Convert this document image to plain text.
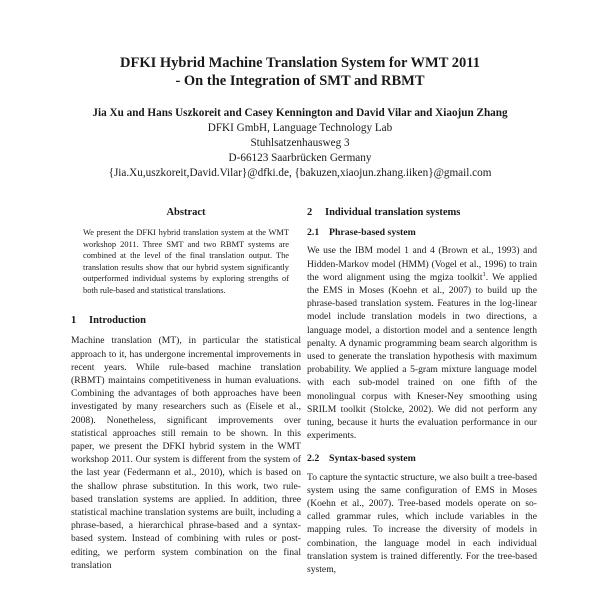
DFKI Hybrid Machine Translation System for WMT 2011
- On the Integration of SMT and RBMT
Jia Xu and Hans Uszkoreit and Casey Kennington and David Vilar and Xiaojun Zhang
DFKI GmbH, Language Technology Lab
Stuhlsatzenhausweg 3
D-66123 Saarbrücken Germany
{Jia.Xu,uszkoreit,David.Vilar}@dfki.de, {bakuzen,xiaojun.zhang.iiken}@gmail.com
Abstract

We present the DFKI hybrid translation system at the WMT workshop 2011. Three SMT and two RBMT systems are combined at the level of the final translation output. The translation results show that our hybrid system significantly outperformed individual systems by exploring strengths of both rule-based and statistical translations.

1 Introduction

Machine translation (MT), in particular the statistical approach to it, has undergone incremental improvements in recent years. While rule-based machine translation (RBMT) maintains competitiveness in human evaluations. Combining the advantages of both approaches have been investigated by many researchers such as (Eisele et al., 2008). Nonetheless, significant improvements over statistical approaches still remain to be shown. In this paper, we present the DFKI hybrid system in the WMT workshop 2011. Our system is different from the system of the last year (Federmann et al., 2010), which is based on the shallow phrase substitution. In this work, two rule-based translation systems are applied. In addition, three statistical machine translation systems are built, including a phrase-based, a hierarchical phrase-based and a syntax-based system. Instead of combining with rules or post-editing, we perform system combination on the final translation

2 Individual translation systems
2.1 Phrase-based system

We use the IBM model 1 and 4 (Brown et al., 1993) and Hidden-Markov model (HMM) (Vogel et al., 1996) to train the word alignment using the mgiza toolkit$^1$. We applied the EMS in Moses (Koehn et al., 2007) to build up the phrase-based translation system. Features in the log-linear model include translation models in two directions, a language model, a distortion model and a sentence length penalty. A dynamic programming beam search algorithm is used to generate the translation hypothesis with maximum probability. We applied a 5-gram mixture language model with each sub-model trained on one fifth of the monolingual corpus with Kneser-Ney smoothing using SRILM toolkit (Stolcke, 2002). We did not perform any tuning, because it hurts the evaluation performance in our experiments.

2.2 Syntax-based system

To capture the syntactic structure, we also built a tree-based system using the same configuration of EMS in Moses (Koehn et al., 2007). Tree-based models operate on so-called grammar rules, which include variables in the mapping rules. To increase the diversity of models in combination, the language model in each individual translation system is trained differently. For the tree-based system,
